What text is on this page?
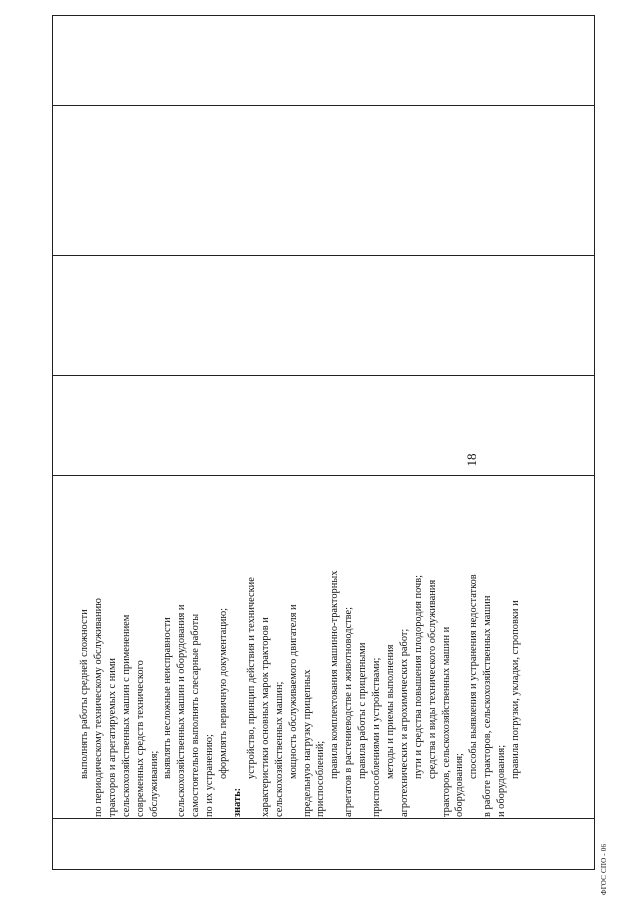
18
выполнять работы средней сложности по периодическому техническому обслуживанию тракторов и агрегатируемых с ними сельскохозяйственных машин с применением современных средств технического обслуживания;
выявлять несложные неисправности сельскохозяйственных машин и оборудования и самостоятельно выполнять слесарные работы по их устранению; оформлять первичную документацию;
знать:
устройство, принцип действия и технические характеристики основных марок тракторов и сельскохозяйственных машин; мощность обслуживаемого двигателя и предельную нагрузку прицепных приспособлений; правила комплектования машинно-тракторных агрегатов в растениеводстве и животноводстве; правила работы с прицепными приспособлениями и устройствами; методы и приемы выполнения агротехнических и агрохимических работ; пути и средства повышения плодородия почв; средства и виды технического обслуживания тракторов, сельскохозяйственных машин и оборудования;
способы выявления и устранения недостатков в работе тракторов, сельскохозяйственных машин и оборудования;
правила погрузки, укладки, строповки и
ФГОС СПО - 06
